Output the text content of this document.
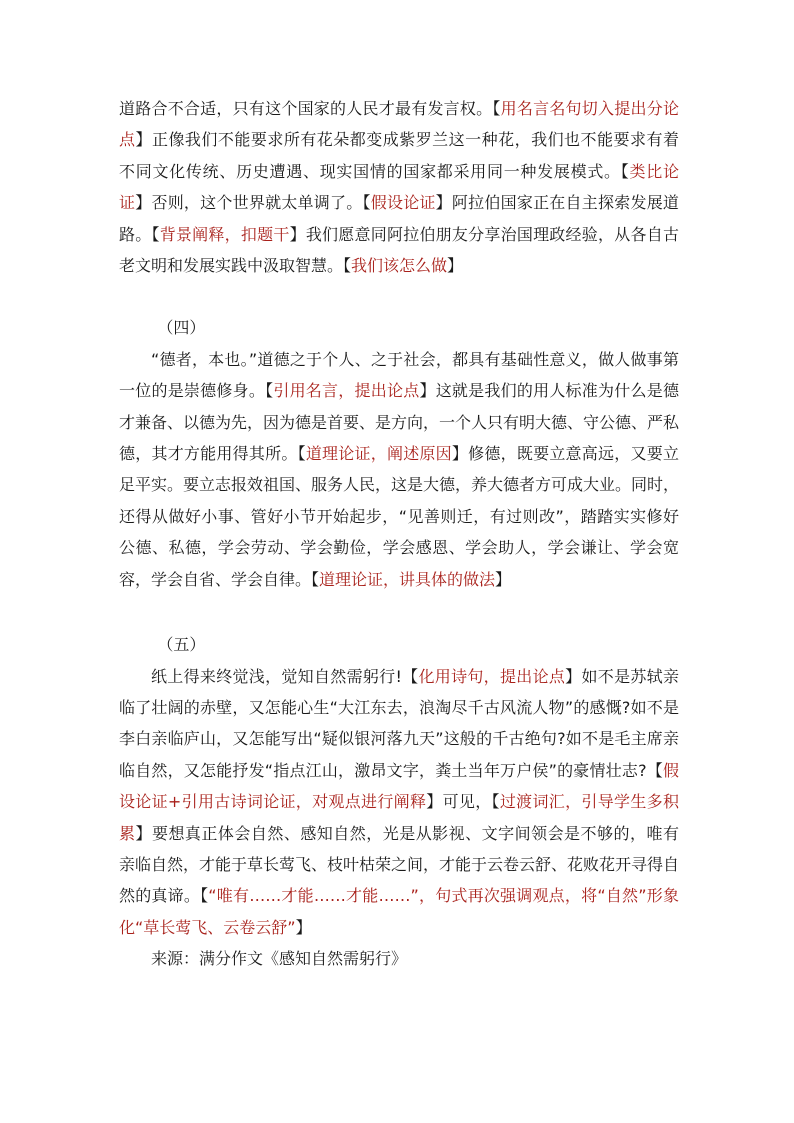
道路合不合适，只有这个国家的人民才最有发言权。【用名言名句切入提出分论点】正像我们不能要求所有花朵都变成紫罗兰这一种花，我们也不能要求有着不同文化传统、历史遭遇、现实国情的国家都采用同一种发展模式。【类比论证】否则，这个世界就太单调了。【假设论证】阿拉伯国家正在自主探索发展道路。【背景阐释，扣题干】我们愿意同阿拉伯朋友分享治国理政经验，从各自古老文明和发展实践中汲取智慧。【我们该怎么做】

（四）

“德者，本也。”道德之于个人、之于社会，都具有基础性意义，做人做事第一位的是崇德修身。【引用名言，提出论点】这就是我们的用人标准为什么是德才兼备、以德为先，因为德是首要、是方向，一个人只有明大德、守公德、严私德，其才方能用得其所。【道理论证，阐述原因】修德，既要立意高远，又要立足平实。要立志报效祖国、服务人民，这是大德，养大德者方可成大业。同时，还得从做好小事、管好小节开始起步，“见善则迁，有过则改”，踏踏实实修好公德、私德，学会劳动、学会勤俭，学会感恩、学会助人，学会谦让、学会宽容，学会自省、学会自律。【道理论证，讲具体的做法】

（五）

纸上得来终觉浅，觉知自然需躬行!【化用诗句，提出论点】如不是苏轼亲临了壮阔的赤壁，又怎能心生“大江东去，浪淘尽千古风流人物”的感慨?如不是李白亲临庐山，又怎能写出“疑似银河落九天”这般的千古绝句?如不是毛主席亲临自然，又怎能抒发“指点江山，激昂文字，粪土当年万户侯”的豪情壮志?【假设论证+引用古诗词论证，对观点进行阐释】可见，【过渡词汇，引导学生多积累】要想真正体会自然、感知自然，光是从影视、文字间领会是不够的，唯有亲临自然，才能于草长莺飞、枝叶枯荣之间，才能于云卷云舒、花败花开寻得自然的真谛。【“唯有……才能……才能……”，句式再次强调观点，将“自然”形象化“草长莺飞、云卷云舒”】

来源：满分作文《感知自然需躬行》
